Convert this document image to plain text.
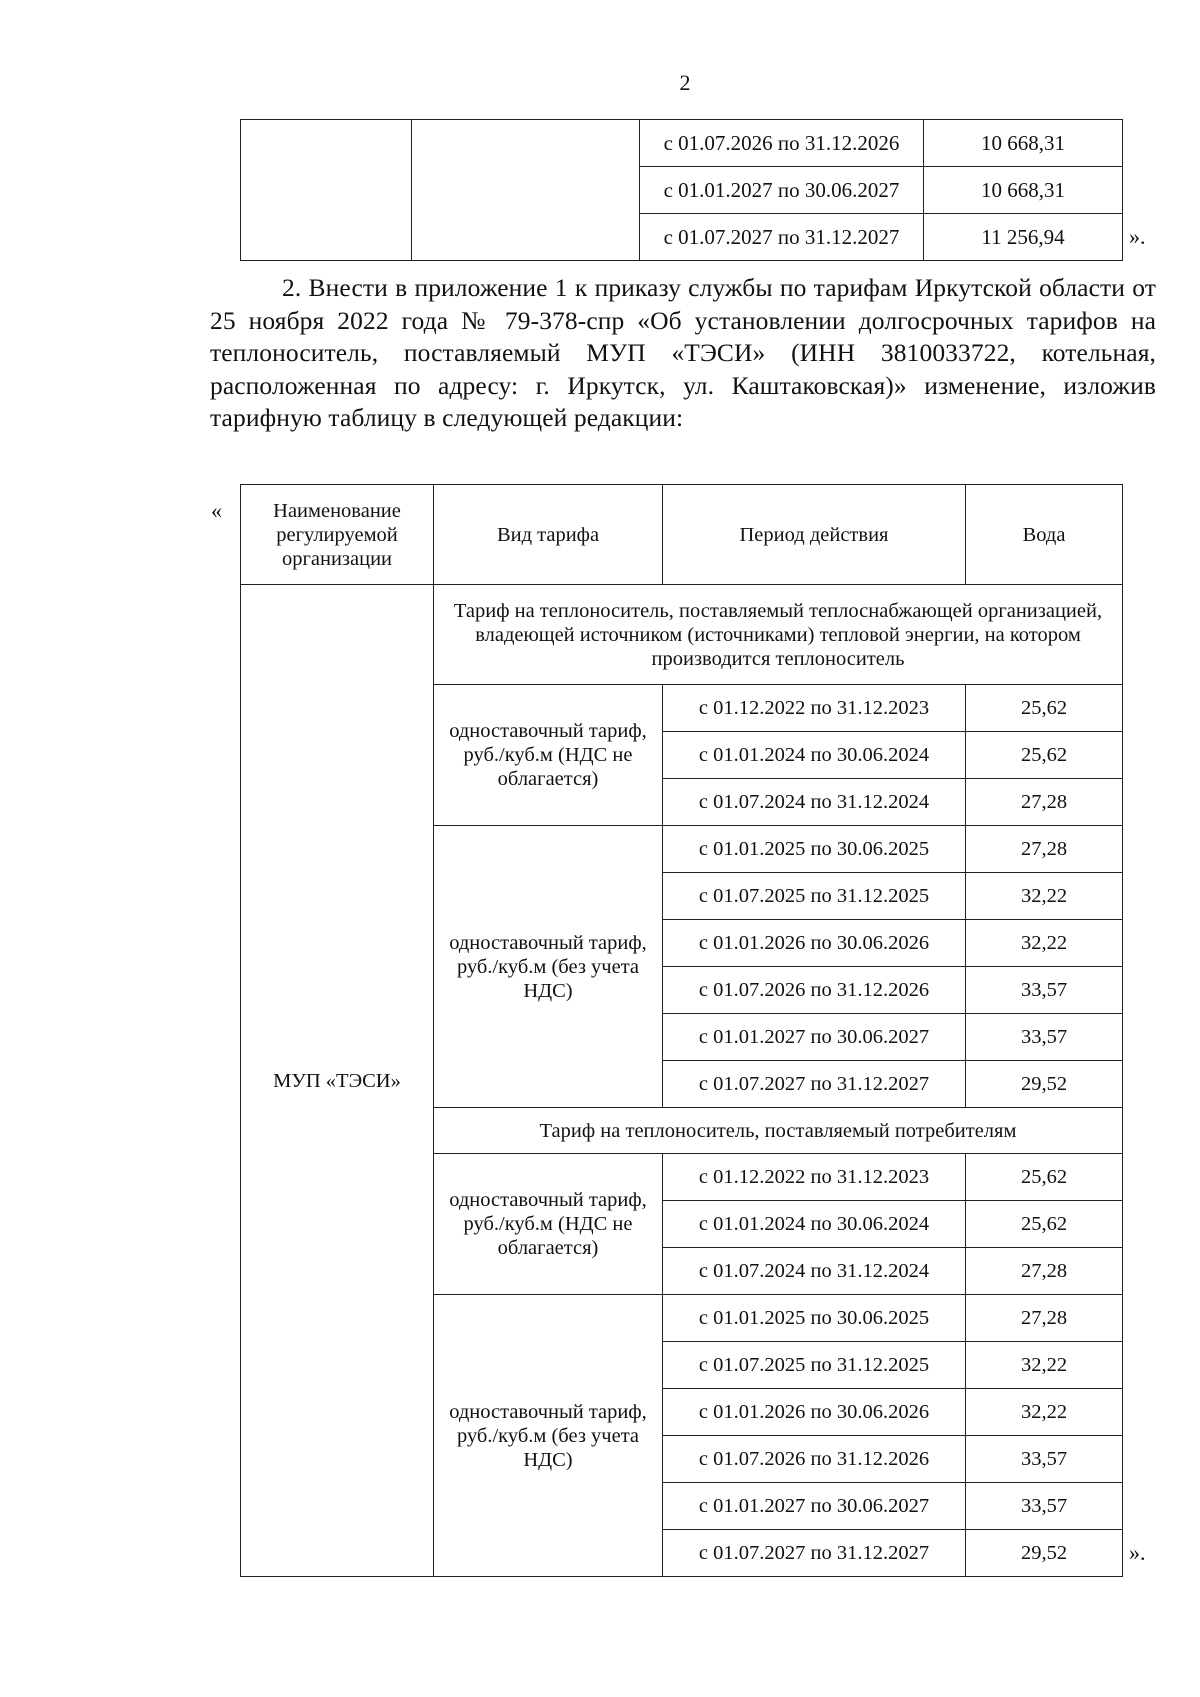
2
		с 01.07.2026 по 31.12.2026	10 668,31	
		с 01.01.2027 по 30.06.2027	10 668,31	
		с 01.07.2027 по 31.12.2027	11 256,94	».

2. Внести в приложение 1 к приказу службы по тарифам Иркутской области от 25 ноября 2022 года № 79-378-спр «Об установлении долгосрочных тарифов на теплоноситель, поставляемый МУП «ТЭСИ» (ИНН 3810033722, котельная, расположенная по адресу: г. Иркутск, ул. Каштаковская)» изменение, изложив тарифную таблицу в следующей редакции:

« Наименование регулируемой организации	Вид тарифа	Период действия	Вода	
МУП «ТЭСИ»	Тариф на теплоноситель, поставляемый теплоснабжающей организацией, владеющей источником (источниками) тепловой энергии, на котором производится теплоноситель			
	одноставочный тариф, руб./куб.м (НДС не облагается)	с 01.12.2022 по 31.12.2023	25,62	
		с 01.01.2024 по 30.06.2024	25,62	
		с 01.07.2024 по 31.12.2024	27,28	
	одноставочный тариф, руб./куб.м (без учета НДС)	с 01.01.2025 по 30.06.2025	27,28	
		с 01.07.2025 по 31.12.2025	32,22	
		с 01.01.2026 по 30.06.2026	32,22	
		с 01.07.2026 по 31.12.2026	33,57	
		с 01.01.2027 по 30.06.2027	33,57	
		с 01.07.2027 по 31.12.2027	29,52	
	Тариф на теплоноситель, поставляемый потребителям			
	одноставочный тариф, руб./куб.м (НДС не облагается)	с 01.12.2022 по 31.12.2023	25,62	
		с 01.01.2024 по 30.06.2024	25,62	
		с 01.07.2024 по 31.12.2024	27,28	
	одноставочный тариф, руб./куб.м (без учета НДС)	с 01.01.2025 по 30.06.2025	27,28	
		с 01.07.2025 по 31.12.2025	32,22	
		с 01.01.2026 по 30.06.2026	32,22	
		с 01.07.2026 по 31.12.2026	33,57	
		с 01.01.2027 по 30.06.2027	33,57	
		с 01.07.2027 по 31.12.2027	29,52	».
